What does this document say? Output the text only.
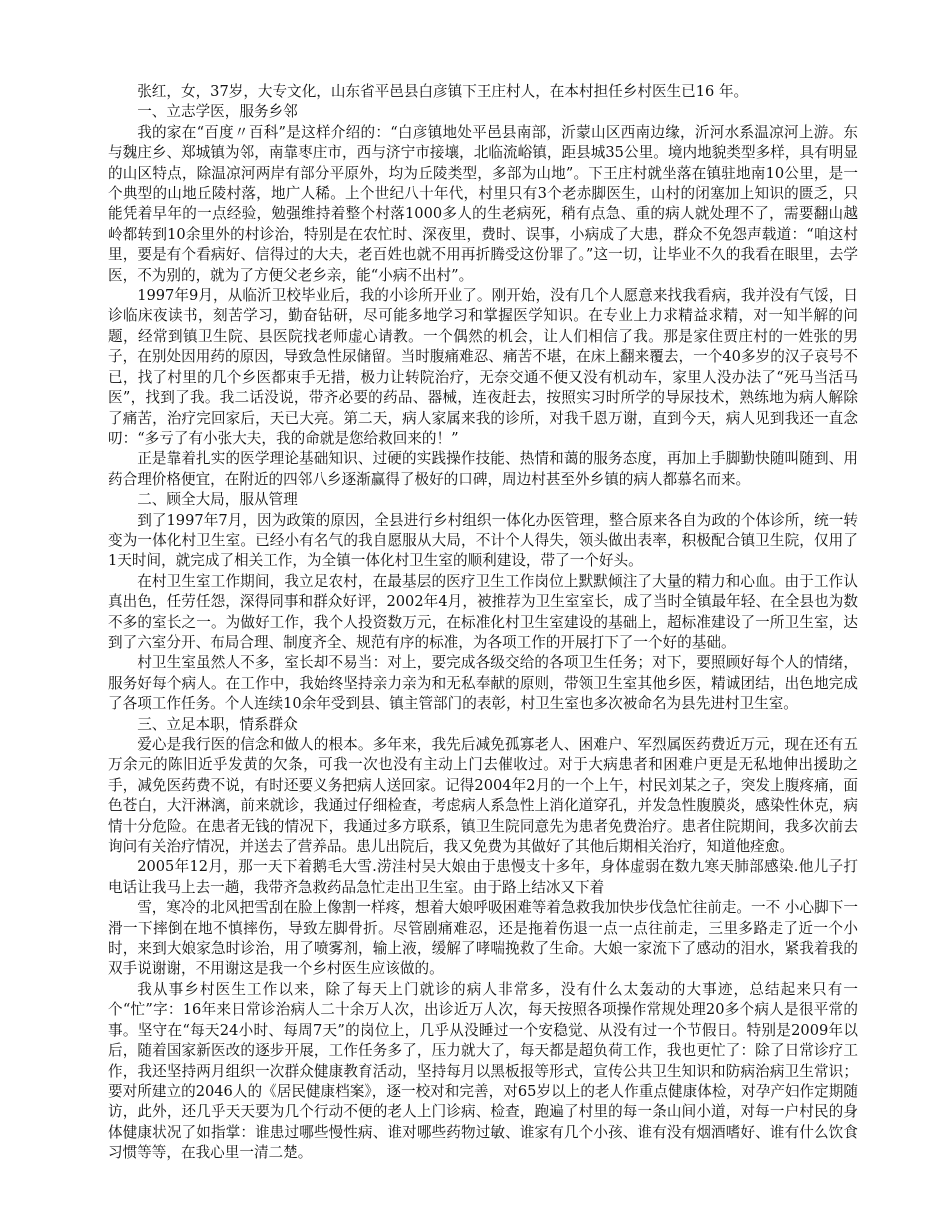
张红，女，37岁，大专文化，山东省平邑县白彦镇下王庄村人，在本村担任乡村医生已16 年。

一、立志学医，服务乡邻

我的家在“百度〃百科”是这样介绍的：“白彦镇地处平邑县南部，沂蒙山区西南边缘，沂河水系温凉河上游。东与魏庄乡、郑城镇为邻，南靠枣庄市，西与济宁市接壤，北临流峪镇，距县城35公里。境内地貌类型多样，具有明显的山区特点，除温凉河两岸有部分平原外，均为丘陵类型，多部为山地”。下王庄村就坐落在镇驻地南10公里，是一个典型的山地丘陵村落，地广人稀。上个世纪八十年代，村里只有3个老赤脚医生，山村的闭塞加上知识的匮乏，只能凭着早年的一点经验，勉强维持着整个村落1000多人的生老病死，稍有点急、重的病人就处理不了，需要翻山越岭都转到10余里外的村诊治，特别是在农忙时、深夜里，费时、误事，小病成了大患，群众不免怨声载道：“咱这村里，要是有个看病好、信得过的大夫，老百姓也就不用再折腾受这份罪了。”这一切，让毕业不久的我看在眼里，去学医，不为别的，就为了方便父老乡亲，能“小病不出村”。

1997年9月，从临沂卫校毕业后，我的小诊所开业了。刚开始，没有几个人愿意来找我看病，我并没有气馁，日诊临床夜读书，刻苦学习，勤奋钻研，尽可能多地学习和掌握医学知识。在专业上力求精益求精，对一知半解的问题，经常到镇卫生院、县医院找老师虚心请教。一个偶然的机会，让人们相信了我。那是家住贾庄村的一姓张的男子，在别处因用药的原因，导致急性尿储留。当时腹痛难忍、痛苦不堪，在床上翻来覆去，一个40多岁的汉子哀号不已，找了村里的几个乡医都束手无措，极力让转院治疗，无奈交通不便又没有机动车，家里人没办法了“死马当活马医”，找到了我。我二话没说，带齐必要的药品、器械，连夜赶去，按照实习时所学的导尿技术，熟练地为病人解除了痛苦，治疗完回家后，天已大亮。第二天，病人家属来我的诊所，对我千恩万谢，直到今天，病人见到我还一直念叨：“多亏了有小张大夫，我的命就是您给救回来的！”

正是靠着扎实的医学理论基础知识、过硬的实践操作技能、热情和蔼的服务态度，再加上手脚勤快随叫随到、用药合理价格便宜，在附近的四邻八乡逐渐赢得了极好的口碑，周边村甚至外乡镇的病人都慕名而来。

二、顾全大局，服从管理

到了1997年7月，因为政策的原因，全县进行乡村组织一体化办医管理，整合原来各自为政的个体诊所，统一转变为一体化村卫生室。已经小有名气的我自愿服从大局，不计个人得失，领头做出表率，积极配合镇卫生院，仅用了1天时间，就完成了相关工作，为全镇一体化村卫生室的顺利建设，带了一个好头。

在村卫生室工作期间，我立足农村，在最基层的医疗卫生工作岗位上默默倾注了大量的精力和心血。由于工作认真出色，任劳任怨，深得同事和群众好评，2002年4月，被推荐为卫生室室长，成了当时全镇最年轻、在全县也为数不多的室长之一。为做好工作，我个人投资数万元，在标准化村卫生室建设的基础上，超标准建设了一所卫生室，达到了六室分开、布局合理、制度齐全、规范有序的标准，为各项工作的开展打下了一个好的基础。

村卫生室虽然人不多，室长却不易当：对上，要完成各级交给的各项卫生任务；对下，要照顾好每个人的情绪，服务好每个病人。在工作中，我始终坚持亲力亲为和无私奉献的原则，带领卫生室其他乡医，精诚团结，出色地完成了各项工作任务。个人连续10余年受到县、镇主管部门的表彰，村卫生室也多次被命名为县先进村卫生室。

三、立足本职，情系群众

爱心是我行医的信念和做人的根本。多年来，我先后减免孤寡老人、困难户、军烈属医药费近万元，现在还有五万余元的陈旧近乎发黄的欠条，可我一次也没有主动上门去催收过。对于大病患者和困难户更是无私地伸出援助之手，减免医药费不说，有时还要义务把病人送回家。记得2004年2月的一个上午，村民刘某之子，突发上腹疼痛，面色苍白，大汗淋漓，前来就诊，我通过仔细检查，考虑病人系急性上消化道穿孔，并发急性腹膜炎，感染性休克，病情十分危险。在患者无钱的情况下，我通过多方联系，镇卫生院同意先为患者免费治疗。患者住院期间，我多次前去询问有关治疗情况，并送去了营养品。患儿出院后，我又免费为其做好了其他后期相关治疗，知道他痊愈。

2005年12月，那一天下着鹅毛大雪.涝洼村吴大娘由于患慢支十多年，身体虚弱在数九寒天肺部感染.他儿子打电话让我马上去一趟，我带齐急救药品急忙走出卫生室。由于路上结冰又下着

雪，寒冷的北风把雪刮在脸上像割一样疼，想着大娘呼吸困难等着急救我加快步伐急忙往前走。一不 小心脚下一滑一下摔倒在地不慎摔伤，导致左脚骨折。尽管剧痛难忍，还是拖着伤退一点一点往前走，三里多路走了近一个小时，来到大娘家急时诊治，用了喷雾剂，输上液，缓解了哮喘挽救了生命。大娘一家流下了感动的泪水，紧我着我的双手说谢谢，不用谢这是我一个乡村医生应该做的。

我从事乡村医生工作以来，除了每天上门就诊的病人非常多，没有什么太轰动的大事迹，总结起来只有一个“忙”字：16年来日常诊治病人二十余万人次，出诊近万人次，每天按照各项操作常规处理20多个病人是很平常的事。坚守在“每天24小时、每周7天”的岗位上，几乎从没睡过一个安稳觉、从没有过一个节假日。特别是2009年以后，随着国家新医改的逐步开展，工作任务多了，压力就大了，每天都是超负荷工作，我也更忙了：除了日常诊疗工作，我还坚持两月组织一次群众健康教育活动，坚持每月以黑板报等形式，宣传公共卫生知识和防病治病卫生常识；要对所建立的2046人的《居民健康档案》，逐一校对和完善，对65岁以上的老人作重点健康体检，对孕产妇作定期随访，此外，还几乎天天要为几个行动不便的老人上门诊病、检查，跑遍了村里的每一条山间小道，对每一户村民的身体健康状况了如指掌：谁患过哪些慢性病、谁对哪些药物过敏、谁家有几个小孩、谁有没有烟酒嗜好、谁有什么饮食习惯等等，在我心里一清二楚。
